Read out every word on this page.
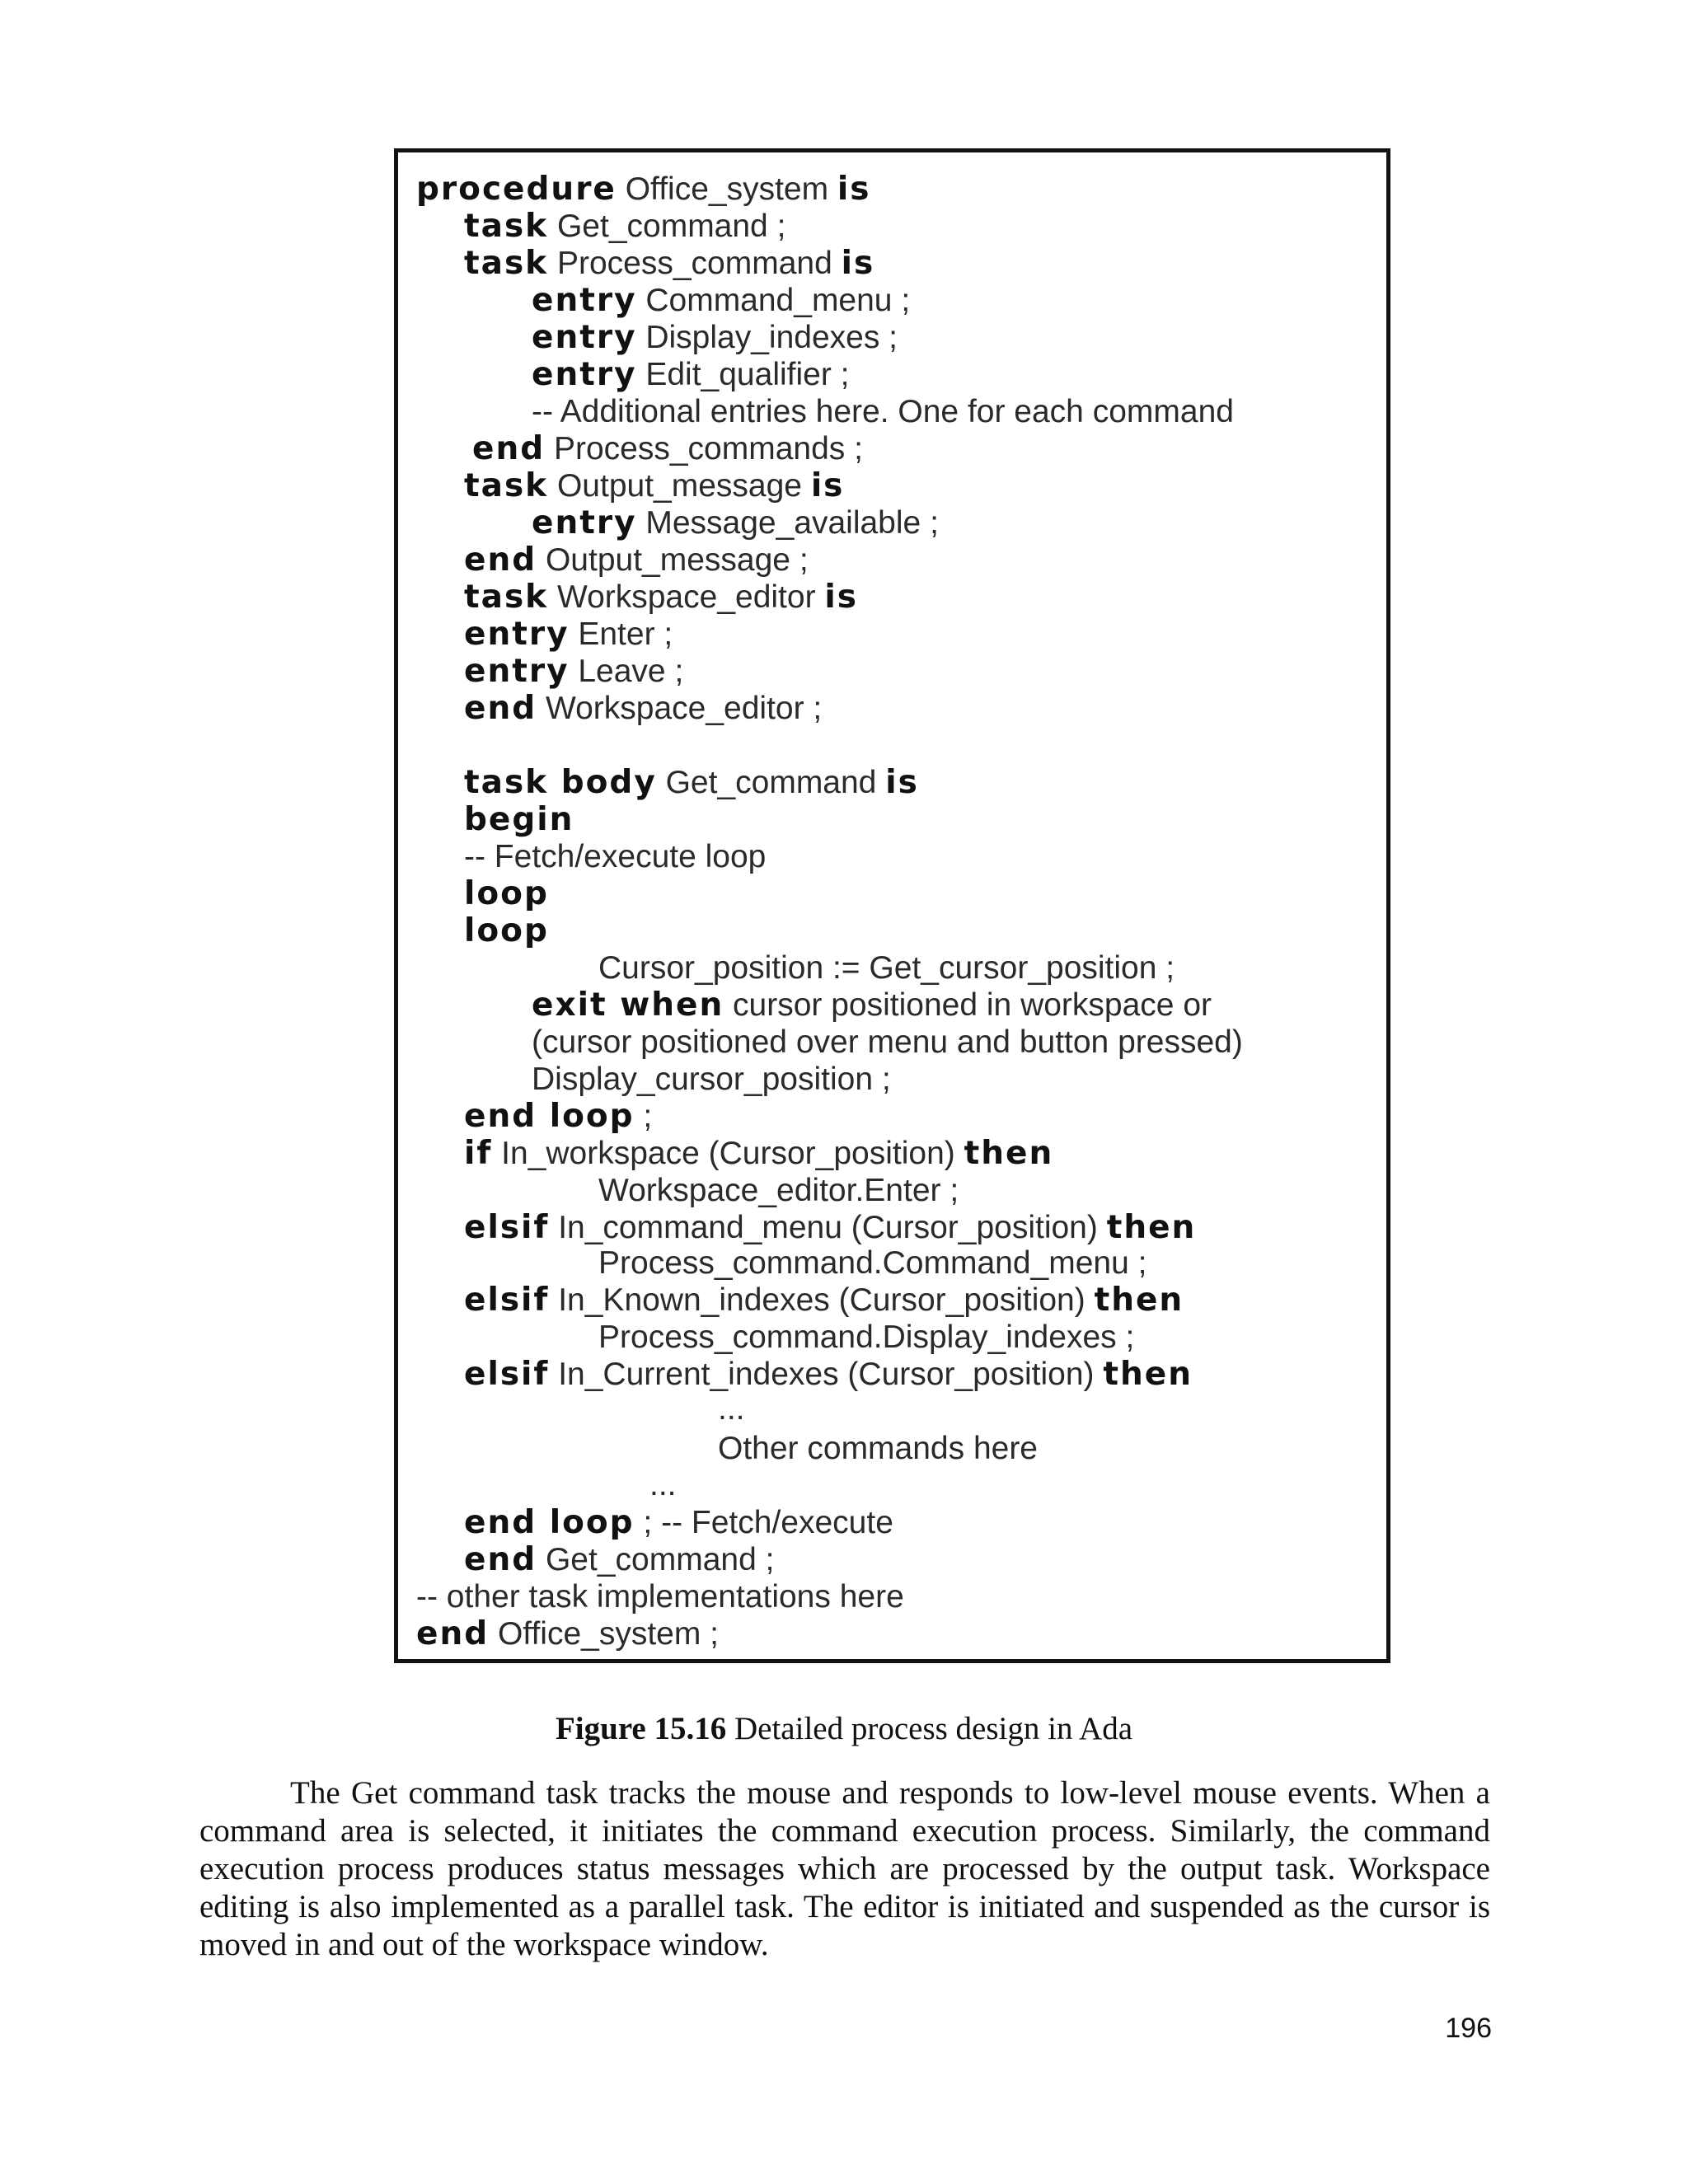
procedure Office_system is
task Get_command ;
task Process_command is
entry Command_menu ;
entry Display_indexes ;
entry Edit_qualifier ;
-- Additional entries here. One for each command
end Process_commands ;
task Output_message is
entry Message_available ;
end Output_message ;
task Workspace_editor is
entry Enter ;
entry Leave ;
end Workspace_editor ;
task body Get_command is
begin
-- Fetch/execute loop
loop
loop
Cursor_position := Get_cursor_position ;
exit when cursor positioned in workspace or
(cursor positioned over menu and button pressed)
Display_cursor_position ;
end loop ;
if In_workspace (Cursor_position) then
Workspace_editor.Enter ;
elsif In_command_menu (Cursor_position) then
Process_command.Command_menu ;
elsif In_Known_indexes (Cursor_position) then
Process_command.Display_indexes ;
elsif In_Current_indexes (Cursor_position) then
...
Other commands here
...
end loop ; -- Fetch/execute
end Get_command ;
-- other task implementations here
end Office_system ;
Figure 15.16 Detailed process design in Ada
The Get command task tracks the mouse and responds to low-level mouse events. When a command area is selected, it initiates the command execution process. Similarly, the command execution process produces status messages which are processed by the output task. Workspace editing is also implemented as a parallel task. The editor is initiated and suspended as the cursor is moved in and out of the workspace window.
196
